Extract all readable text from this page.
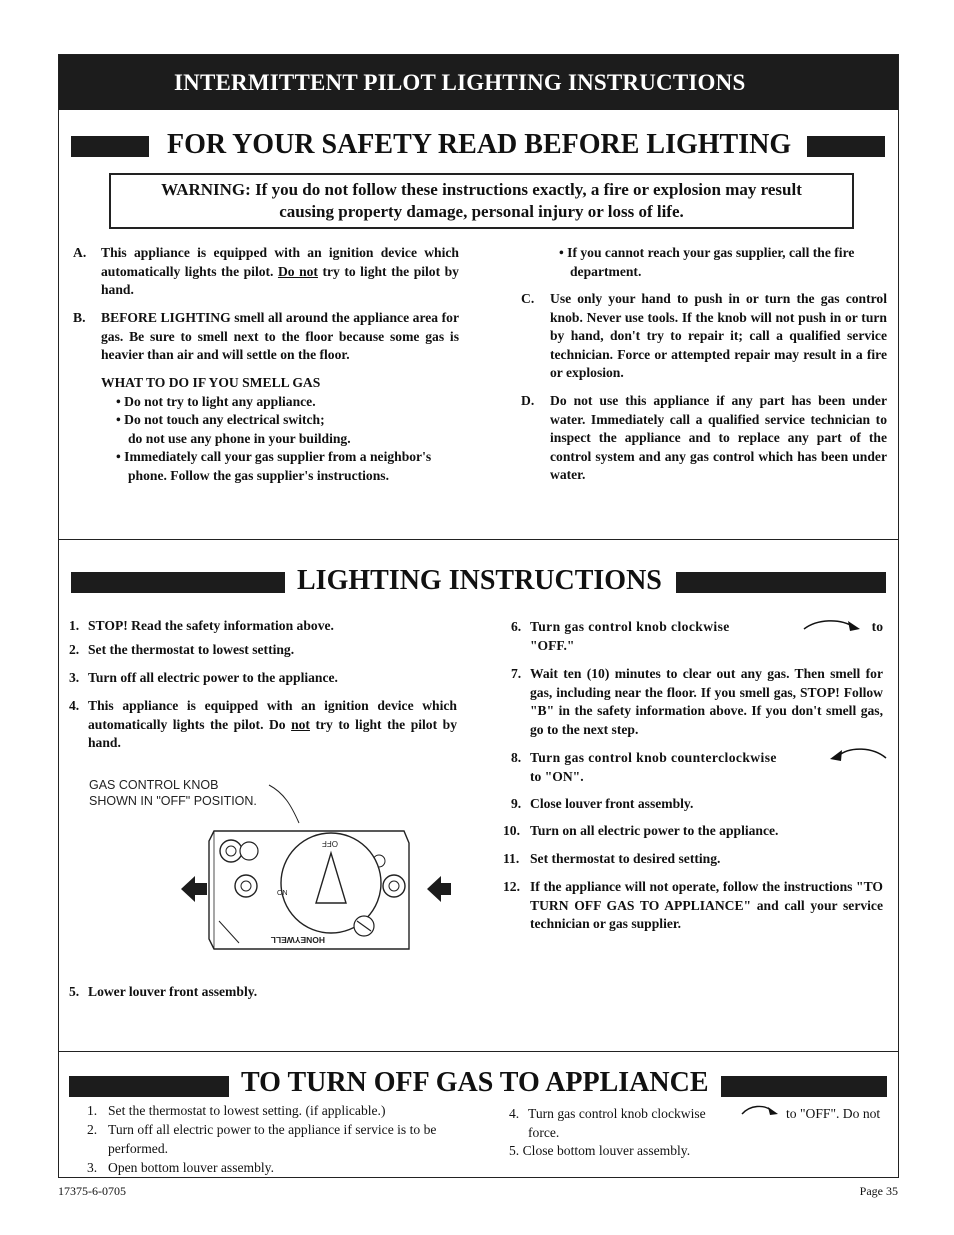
INTERMITTENT PILOT LIGHTING INSTRUCTIONS
FOR YOUR SAFETY READ BEFORE LIGHTING
WARNING: If you do not follow these instructions exactly, a fire or explosion may result
causing property damage, personal injury or loss of life.
A. This appliance is equipped with an ignition device which automatically lights the pilot. Do not try to light the pilot by hand.
B. BEFORE LIGHTING smell all around the appliance area for gas. Be sure to smell next to the floor because some gas is heavier than air and will settle on the floor.
WHAT TO DO IF YOU SMELL GAS
• Do not try to light any appliance.
• Do not touch any electrical switch;
do not use any phone in your building.
• Immediately call your gas supplier from a neighbor's
phone. Follow the gas supplier's instructions.
• If you cannot reach your gas supplier, call the fire
department.
C. Use only your hand to push in or turn the gas control knob. Never use tools. If the knob will not push in or turn by hand, don't try to repair it; call a qualified service technician. Force or attempted repair may result in a fire or explosion.
D. Do not use this appliance if any part has been under water. Immediately call a qualified service technician to inspect the appliance and to replace any part of the control system and any gas control which has been under water.
LIGHTING INSTRUCTIONS
1. STOP! Read the safety information above.
2. Set the thermostat to lowest setting.
3. Turn off all electric power to the appliance.
4. This appliance is equipped with an ignition device which automatically lights the pilot. Do not try to light the pilot by hand.
GAS CONTROL KNOB
SHOWN IN "OFF" POSITION.
OFF
ON
HONEYWELL
5. Lower louver front assembly.
6. Turn gas control knob clockwise	to
"OFF."
7. Wait ten (10) minutes to clear out any gas. Then smell for gas, including near the floor. If you smell gas, STOP! Follow "B" in the safety information above. If you don't smell gas, go to the next step.
8. Turn gas control knob counterclockwise
to "ON".
9. Close louver front assembly.
10. Turn on all electric power to the appliance.
11. Set thermostat to desired setting.
12. If the appliance will not operate, follow the instructions "TO TURN OFF GAS TO APPLIANCE" and call your service technician or gas supplier.
TO TURN OFF GAS TO APPLIANCE
1. Set the thermostat to lowest setting. (if applicable.)
2. Turn off all electric power to the appliance if service is to be performed.
3. Open bottom louver assembly.
4. Turn gas control knob clockwise	to "OFF". Do not
force.
5. Close bottom louver assembly.
17375-6-0705	Page 35
